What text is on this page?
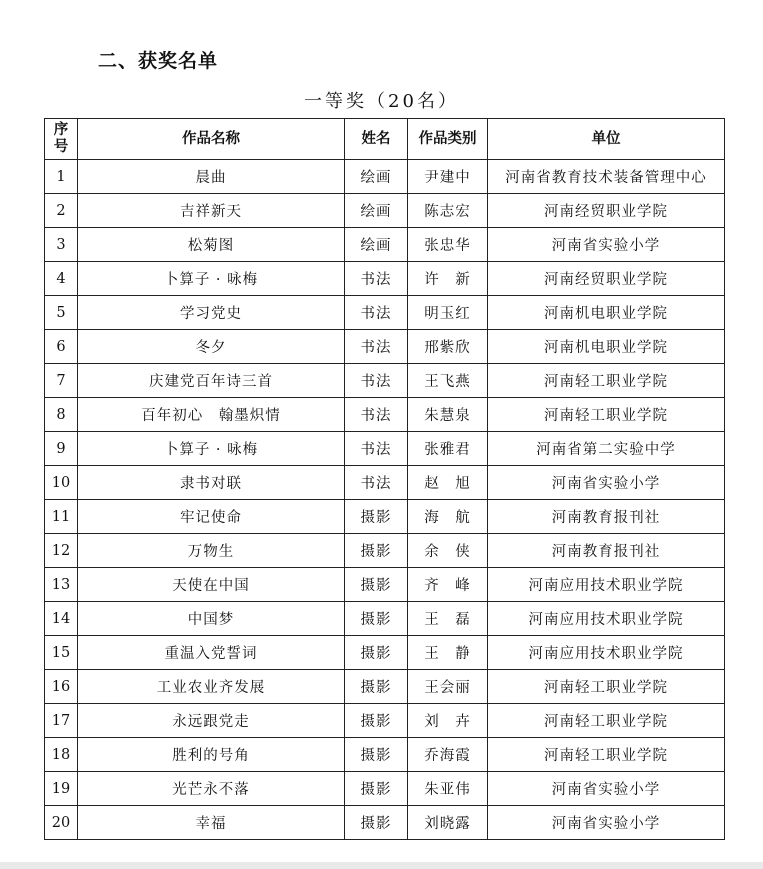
二、获奖名单
一等奖（20名）
序
号	作品名称	姓名	作品类别	单位
1	晨曲	绘画	尹建中	河南省教育技术装备管理中心
2	吉祥新天	绘画	陈志宏	河南经贸职业学院
3	松菊图	绘画	张忠华	河南省实验小学
4	卜算子 · 咏梅	书法	许　新	河南经贸职业学院
5	学习党史	书法	明玉红	河南机电职业学院
6	冬夕	书法	邢紫欣	河南机电职业学院
7	庆建党百年诗三首	书法	王飞燕	河南轻工职业学院
8	百年初心　翰墨炽情	书法	朱慧泉	河南轻工职业学院
9	卜算子 · 咏梅	书法	张雅君	河南省第二实验中学
10	隶书对联	书法	赵　旭	河南省实验小学
11	牢记使命	摄影	海　航	河南教育报刊社
12	万物生	摄影	余　侠	河南教育报刊社
13	天使在中国	摄影	齐　峰	河南应用技术职业学院
14	中国梦	摄影	王　磊	河南应用技术职业学院
15	重温入党誓词	摄影	王　静	河南应用技术职业学院
16	工业农业齐发展	摄影	王会丽	河南轻工职业学院
17	永远跟党走	摄影	刘　卉	河南轻工职业学院
18	胜利的号角	摄影	乔海霞	河南轻工职业学院
19	光芒永不落	摄影	朱亚伟	河南省实验小学
20	幸福	摄影	刘晓露	河南省实验小学
